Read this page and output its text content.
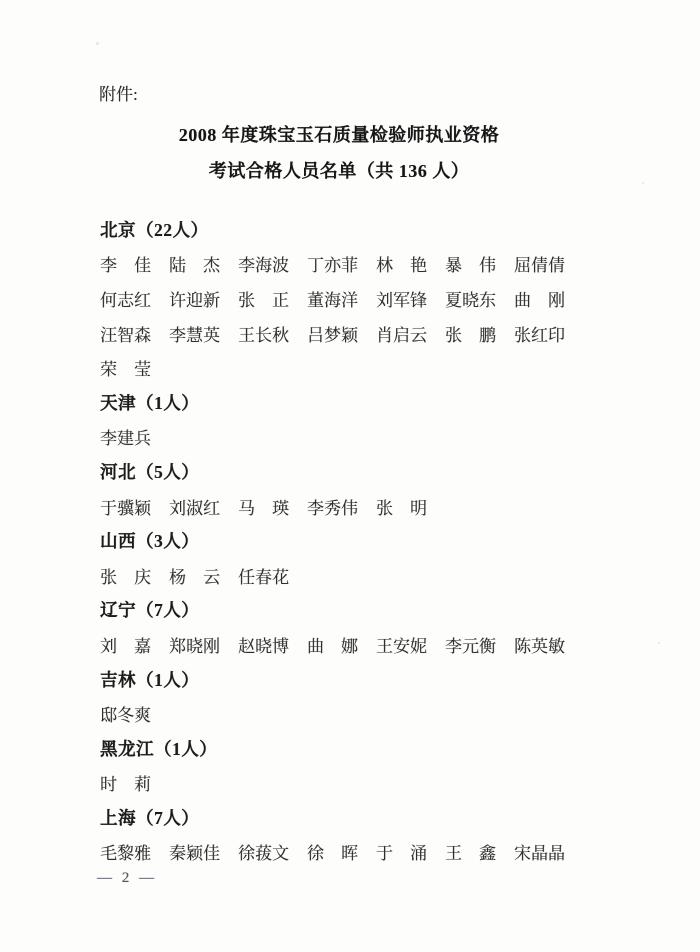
附件:
2008 年度珠宝玉石质量检验师执业资格
考试合格人员名单（共 136 人）
北京（22人）
李　佳 陆　杰 李海波 丁亦菲 林　艳 暴　伟 屈倩倩
何志红 许迎新 张　正 董海洋 刘军锋 夏晓东 曲　刚
汪智森 李慧英 王长秋 吕梦颖 肖启云 张　鹏 张红印
荣　莹
天津（1人）
李建兵
河北（5人）
于骥颖 刘淑红 马　瑛 李秀伟 张　明
山西（3人）
张　庆 杨　云 任春花
辽宁（7人）
刘　嘉 郑晓刚 赵晓博 曲　娜 王安妮 李元衡 陈英敏
吉林（1人）
邸冬爽
黑龙江（1人）
时　莉
上海（7人）
毛黎雅 秦颖佳 徐菝文 徐　晖 于　涌 王　鑫 宋晶晶
— 2 —
